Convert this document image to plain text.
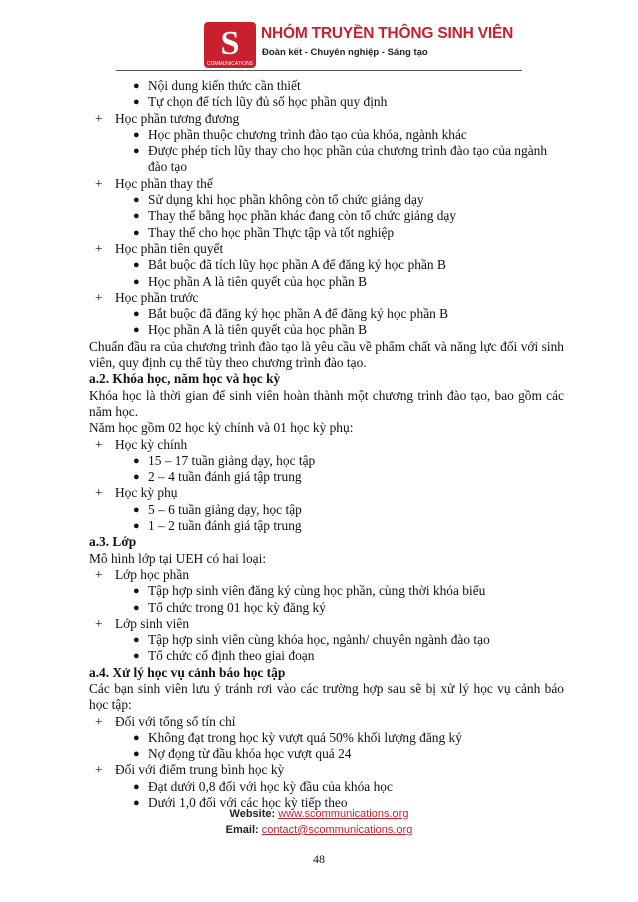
S
COMMUNICATIONS
NHÓM TRUYỀN THÔNG SINH VIÊN
Đoàn kết - Chuyên nghiệp - Sáng tạo
● Nội dung kiến thức cần thiết
● Tự chọn để tích lũy đủ số học phần quy định
+ Học phần tương đương
● Học phần thuộc chương trình đào tạo của khóa, ngành khác
● Được phép tích lũy thay cho học phần của chương trình đào tạo của ngành đào tạo
+ Học phần thay thế
● Sử dụng khi học phần không còn tổ chức giảng dạy
● Thay thế bằng học phần khác đang còn tổ chức giảng dạy
● Thay thế cho học phần Thực tập và tốt nghiệp
+ Học phần tiên quyết
● Bắt buộc đã tích lũy học phần A để đăng ký học phần B
● Học phần A là tiên quyết của học phần B
+ Học phần trước
● Bắt buộc đã đăng ký học phần A để đăng ký học phần B
● Học phần A là tiên quyết của học phần B
Chuẩn đầu ra của chương trình đào tạo là yêu cầu về phẩm chất và năng lực đối với sinh viên, quy định cụ thể tùy theo chương trình đào tạo.
a.2. Khóa học, năm học và học kỳ
Khóa học là thời gian để sinh viên hoàn thành một chương trình đào tạo, bao gồm các năm học.
Năm học gồm 02 học kỳ chính và 01 học kỳ phụ:
+ Học kỳ chính
● 15 – 17 tuần giảng dạy, học tập
● 2 – 4 tuần đánh giá tập trung
+ Học kỳ phụ
● 5 – 6 tuần giảng dạy, học tập
● 1 – 2 tuần đánh giá tập trung
a.3. Lớp
Mô hình lớp tại UEH có hai loại:
+ Lớp học phần
● Tập hợp sinh viên đăng ký cùng học phần, cùng thời khóa biểu
● Tổ chức trong 01 học kỳ đăng ký
+ Lớp sinh viên
● Tập hợp sinh viên cùng khóa học, ngành/ chuyên ngành đào tạo
● Tổ chức cố định theo giai đoạn
a.4. Xử lý học vụ cảnh báo học tập
Các bạn sinh viên lưu ý tránh rơi vào các trường hợp sau sẽ bị xử lý học vụ cảnh báo học tập:
+ Đối với tổng số tín chỉ
● Không đạt trong học kỳ vượt quá 50% khối lượng đăng ký
● Nợ đọng từ đầu khóa học vượt quá 24
+ Đối với điểm trung bình học kỳ
● Đạt dưới 0,8 đối với học kỳ đầu của khóa học
● Dưới 1,0 đối với các học kỳ tiếp theo
Website: www.scommunications.org
Email: contact@scommunications.org
48
